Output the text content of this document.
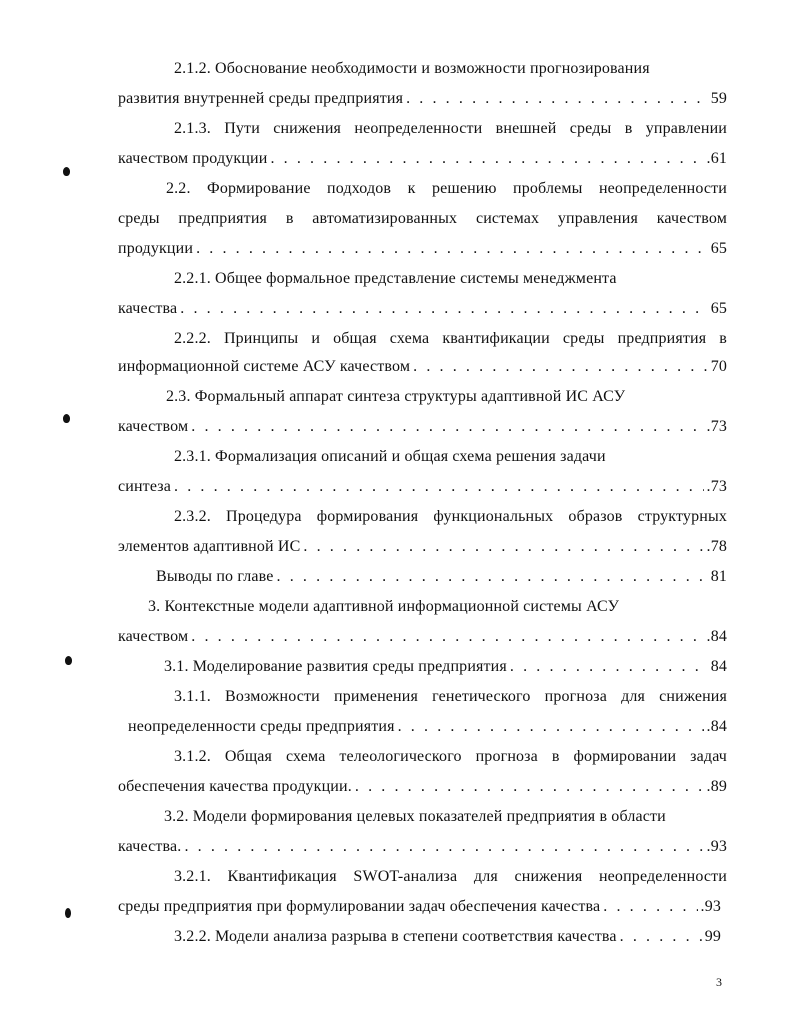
2.1.2. Обоснование необходимости и возможности прогнозирования
развития внутренней среды предприятия . . .	59
2.1.3. Пути снижения неопределенности внешней среды в управлении
качеством продукции . . .	.61
2.2. Формирование подходов к решению проблемы неопределенности
среды предприятия в автоматизированных системах управления качеством
продукции . . .	65
2.2.1. Общее формальное представление системы менеджмента
качества . . .	65
2.2.2. Принципы и общая схема квантификации среды предприятия в
информационной системе АСУ качеством . . .	70
2.3. Формальный аппарат синтеза структуры адаптивной ИС АСУ
качеством . . .	.73
2.3.1. Формализация описаний и общая схема решения задачи
синтеза . . .	.73
2.3.2. Процедура формирования функциональных образов структурных
элементов адаптивной ИС . . .	.78
Выводы по главе . . .	81
3. Контекстные модели адаптивной информационной системы АСУ
качеством . . .	.84
3.1. Моделирование развития среды предприятия . . .	84
3.1.1. Возможности применения генетического прогноза для снижения
неопределенности среды предприятия . . .	.84
3.1.2. Общая схема телеологического прогноза в формировании задач
обеспечения качества продукции. . . .	.89
3.2. Модели формирования целевых показателей предприятия в области
качества. . . .	.93
3.2.1. Квантификация SWOT-анализа для снижения неопределенности
среды предприятия при формулировании задач обеспечения качества . . .	.93
3.2.2. Модели анализа разрыва в степени соответствия качества . . .	99
3
